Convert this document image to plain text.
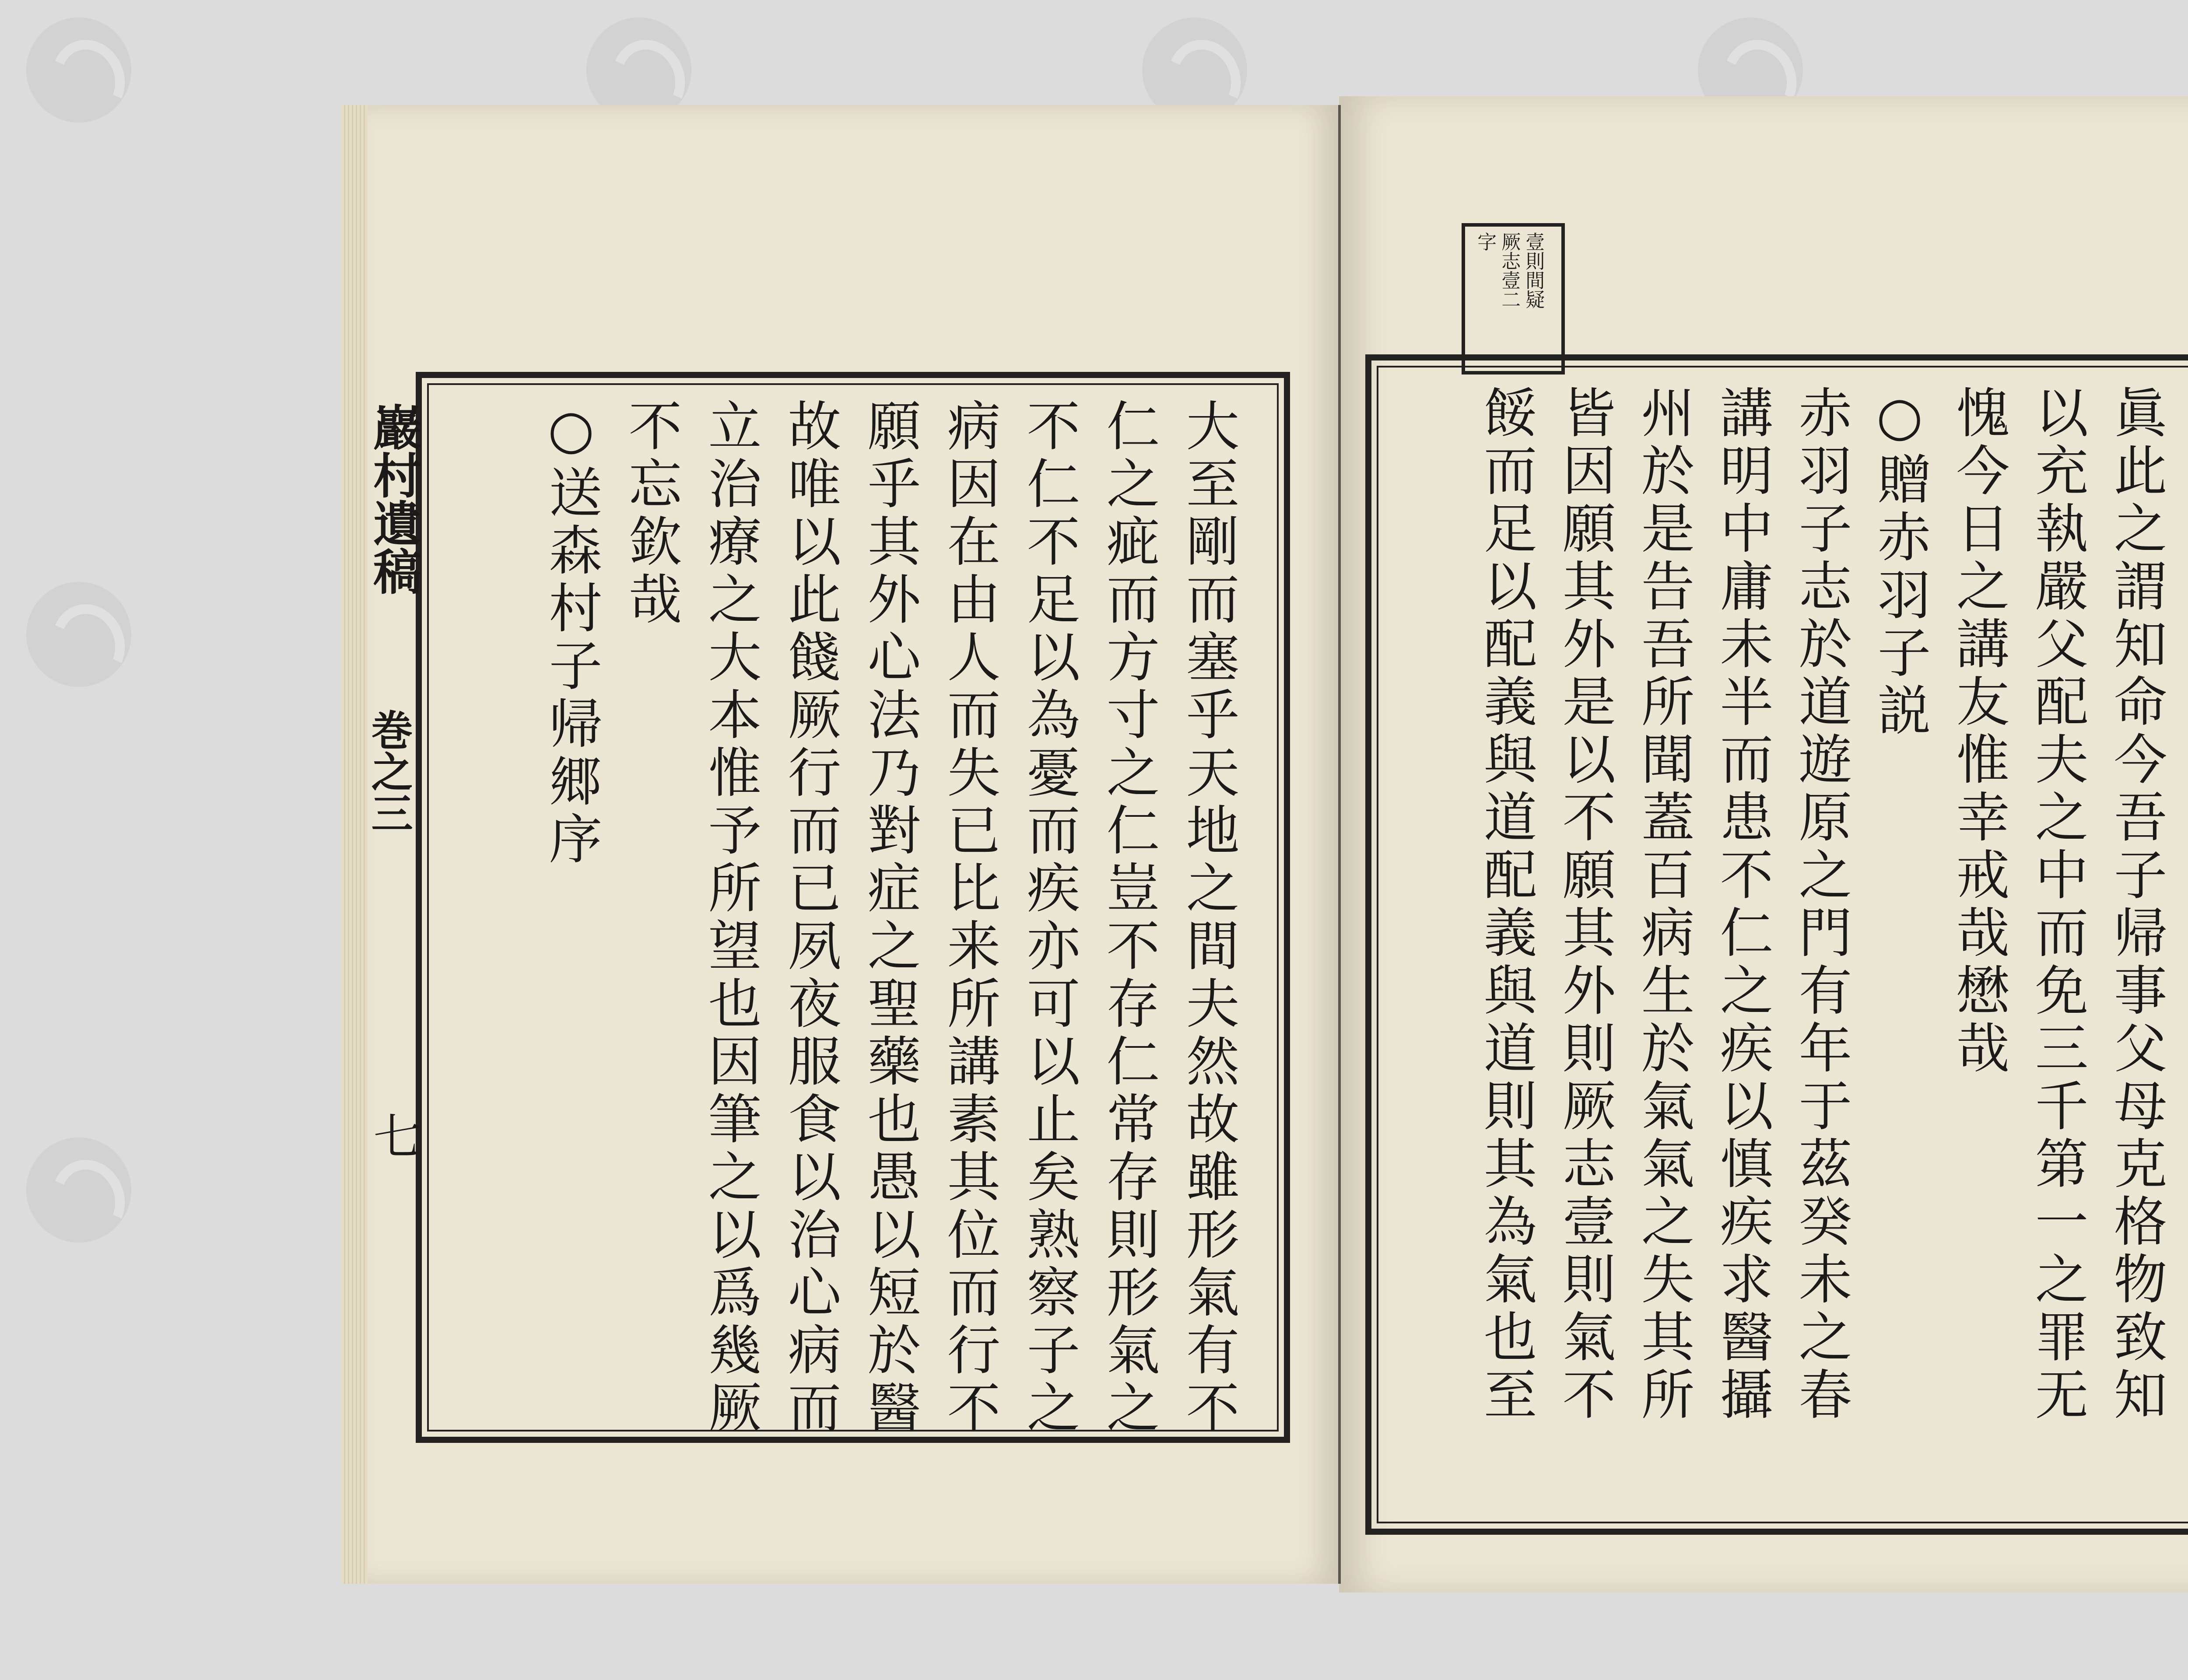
巖村遺稿
巻之三
七	大至剛而塞乎天地之間夫然故雖形氣有不
仁之疵而方寸之仁豈不存仁常存則形氣之
不仁不足以為憂而疾亦可以止矣熟察子之
病因在由人而失已比来所講素其位而行不
願乎其外心法乃對症之聖藥也愚以短於醫
故唯以此餞厥行而已夙夜服食以治心病而
立治療之大本惟予所望也因筆之以爲幾厥
不忘欽哉
○送森村子帰郷序
壹則間疑
厥志壹二
字
眞此之謂知命今吾子帰事父母克格物致知
以充執嚴父配夫之中而免三千第一之罪无
愧今日之講友惟幸戒哉懋哉
○贈赤羽子説
赤羽子志於道遊原之門有年于茲癸未之春
講明中庸未半而患不仁之疾以慎疾求醫攝
州於是告吾所聞蓋百病生於氣氣之失其所
皆因願其外是以不願其外則厥志壹則氣不
餒而足以配義與道配義與道則其為氣也至
